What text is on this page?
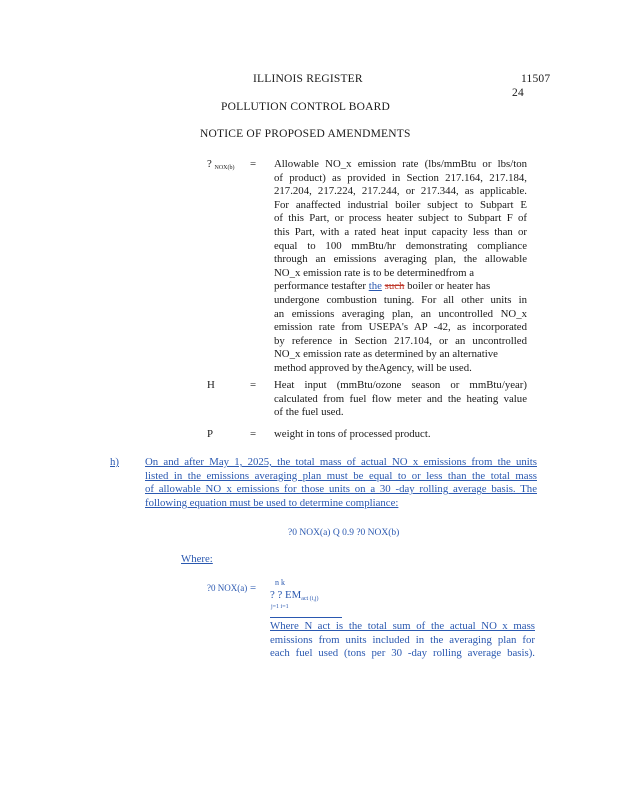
ILLINOIS REGISTER	11507
24
POLLUTION CONTROL BOARD
NOTICE OF PROPOSED AMENDMENTS
? $_{NOX(b)}$ = Allowable NO_x emission rate (lbs/mmBtu or lbs/ton
of product) as provided in Section 217.164, 217.184,
217.204, 217.224, 217.244, or 217.344, as applicable.
For anaffected industrial boiler subject to Subpart E
of this Part, or process heater subject to Subpart F of
this Part, with a rated heat input capacity less than or
equal to 100 mmBtu/hr demonstrating compliance
through an emissions averaging plan, the allowable
NO_x emission rate is to be determinedfrom a
performance testafter the such boiler or heater has
undergone combustion tuning. For all other units in
an emissions averaging plan, an uncontrolled NO_x
emission rate from USEPA's AP -42, as incorporated
by reference in Section 217.104, or an uncontrolled
NO_x emission rate as determined by an alternative
method approved by theAgency, will be used.
H	= Heat input (mmBtu/ozone season or mmBtu/year)
calculated from fuel flow meter and the heating value
of the fuel used.
P	= weight in tons of processed product.
h) On and after May 1, 2025, the total mass of actual NO_x emissions from the units
listed in the emissions averaging plan must be equal to or less than the total mass
of allowable NO_x emissions for those units on a 30 -day rolling average basis. The
following equation must be used to determine compliance:
?0 NOX(a) Q 0.9 ?0 NOX(b)
Where:
?0 NOX(a) = n k
? ? $EM_{act (i,j)}$
j=1 i=1
Where N_act is the total sum of the actual NO_x mass
emissions from units included in the averaging plan for
each fuel used (tons per 30 -day rolling average basis).
